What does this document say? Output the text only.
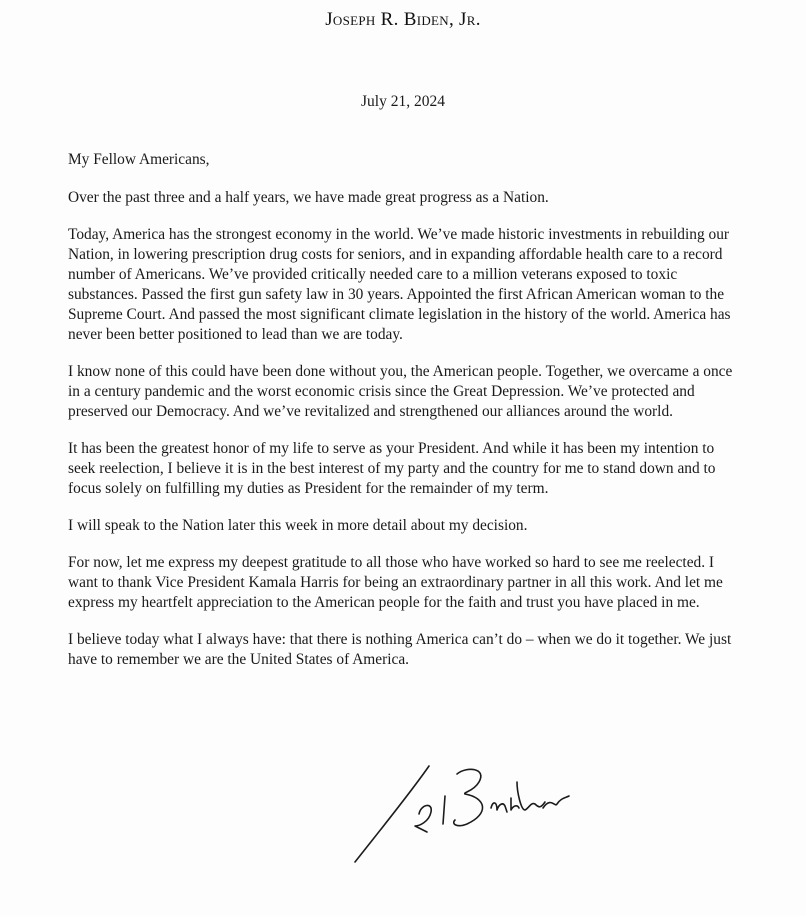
Joseph R. Biden, Jr.
July 21, 2024

My Fellow Americans,

Over the past three and a half years, we have made great progress as a Nation.

Today, America has the strongest economy in the world. We’ve made historic investments in rebuilding our Nation, in lowering prescription drug costs for seniors, and in expanding affordable health care to a record number of Americans. We’ve provided critically needed care to a million veterans exposed to toxic substances. Passed the first gun safety law in 30 years. Appointed the first African American woman to the Supreme Court. And passed the most significant climate legislation in the history of the world. America has never been better positioned to lead than we are today.

I know none of this could have been done without you, the American people. Together, we overcame a once in a century pandemic and the worst economic crisis since the Great Depression. We’ve protected and preserved our Democracy. And we’ve revitalized and strengthened our alliances around the world.

It has been the greatest honor of my life to serve as your President. And while it has been my intention to seek reelection, I believe it is in the best interest of my party and the country for me to stand down and to focus solely on fulfilling my duties as President for the remainder of my term.

I will speak to the Nation later this week in more detail about my decision.

For now, let me express my deepest gratitude to all those who have worked so hard to see me reelected. I want to thank Vice President Kamala Harris for being an extraordinary partner in all this work. And let me express my heartfelt appreciation to the American people for the faith and trust you have placed in me.

I believe today what I always have: that there is nothing America can’t do – when we do it together. We just have to remember we are the United States of America.
